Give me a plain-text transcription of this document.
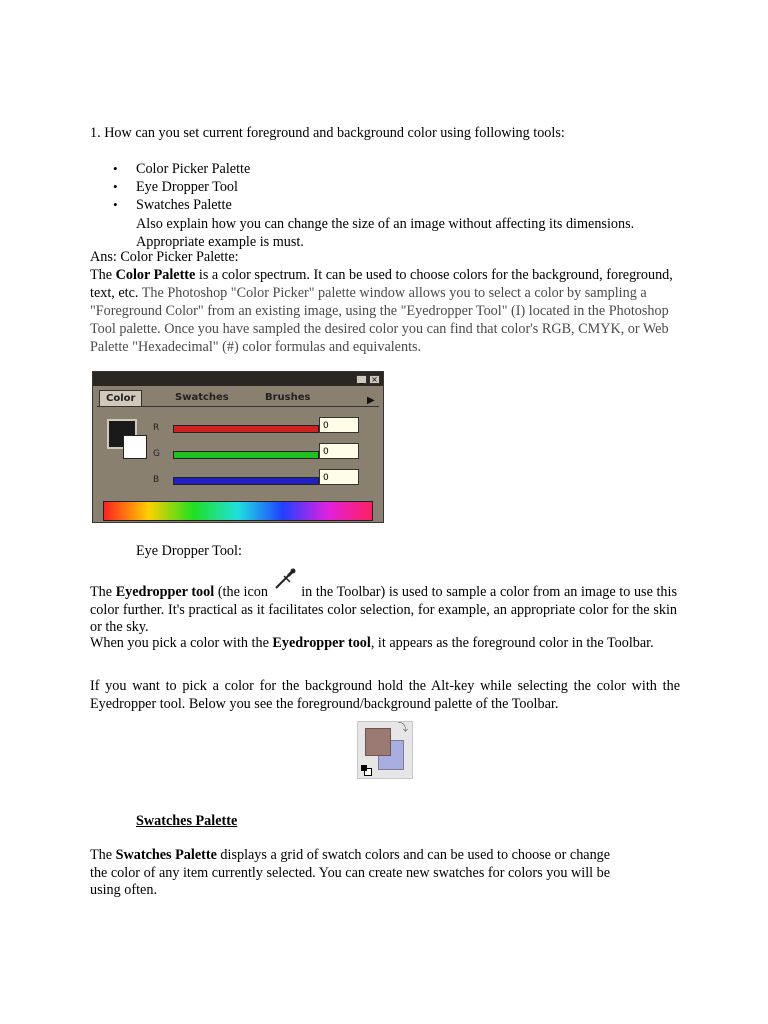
1. How can you set current foreground and background color using following tools:
• Color Picker Palette
• Eye Dropper Tool
• Swatches Palette
Also explain how you can change the size of an image without affecting its dimensions. Appropriate example is must.
Ans: Color Picker Palette:
The Color Palette is a color spectrum. It can be used to choose colors for the background, foreground, text, etc. The Photoshop "Color Picker" palette window allows you to select a color by sampling a "Foreground Color" from an existing image, using the "Eyedropper Tool" (I) located in the Photoshop Tool palette. Once you have sampled the desired color you can find that color's RGB, CMYK, or Web Palette "Hexadecimal" (#) color formulas and equivalents.
_ ×
Color	Swatches	Brushes	▶
R	0
G	0
B	0
Eye Dropper Tool:
The Eyedropper tool (the icon  in the Toolbar) is used to sample a color from an image to use this color further. It's practical as it facilitates color selection, for example, an appropriate color for the skin or the sky.
When you pick a color with the Eyedropper tool, it appears as the foreground color in the Toolbar.
If you want to pick a color for the background hold the Alt-key while selecting the color with the Eyedropper tool. Below you see the foreground/background palette of the Toolbar.
⤵
Swatches Palette
The Swatches Palette displays a grid of swatch colors and can be used to choose or change the color of any item currently selected. You can create new swatches for colors you will be using often.
